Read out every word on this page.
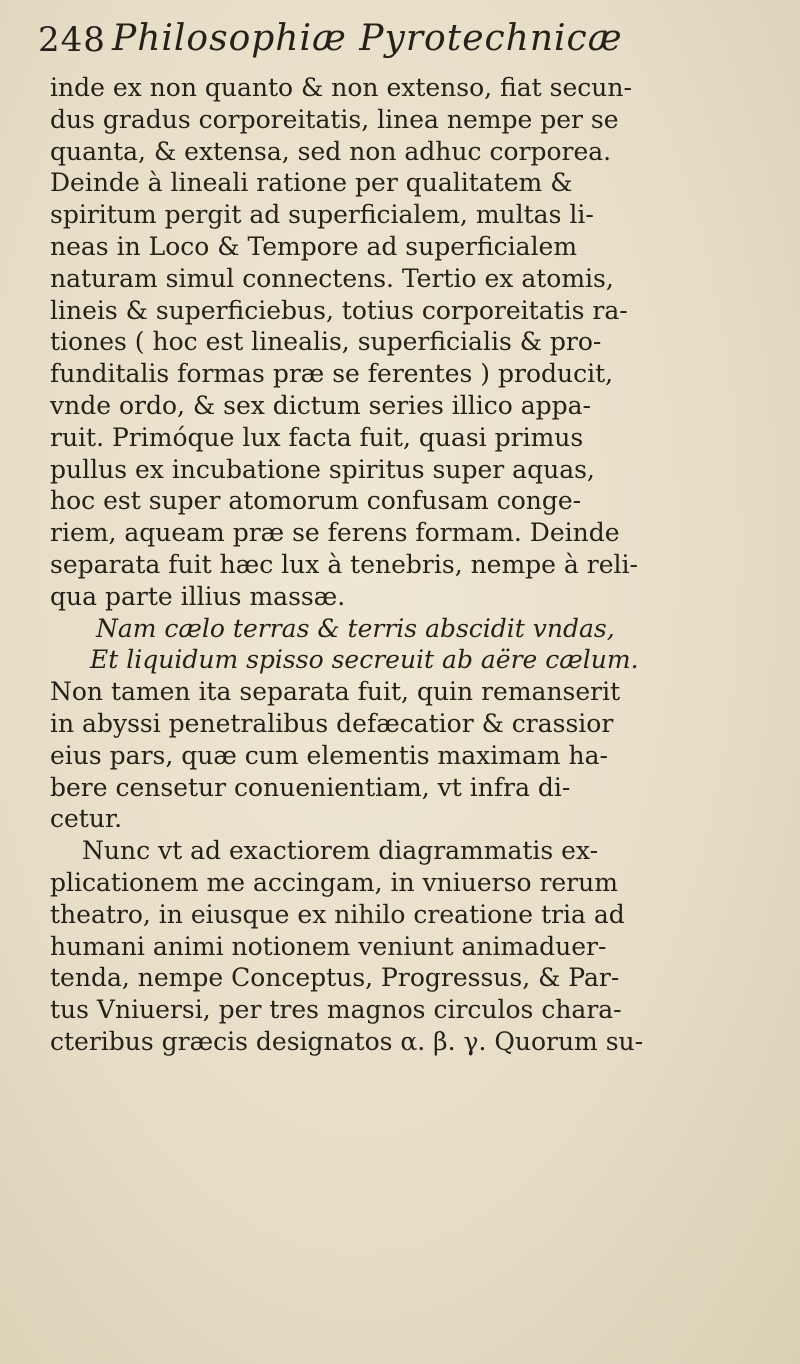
248 Philosophiæ Pyrotechnicæ
inde ex non quanto & non extenso, fiat secun-
dus gradus corporeitatis, linea nempe per se
quanta, & extensa, sed non adhuc corporea.
Deinde à lineali ratione per qualitatem &
spiritum pergit ad superficialem, multas li-
neas in Loco & Tempore ad superficialem
naturam simul connectens. Tertio ex atomis,
lineis & superficiebus, totius corporeitatis ra-
tiones ( hoc est linealis, superficialis & pro-
funditalis formas præ se ferentes ) producit,
vnde ordo, & sex dictum series illico appa-
ruit. Primóque lux facta fuit, quasi primus
pullus ex incubatione spiritus super aquas,
hoc est super atomorum confusam conge-
riem, aqueam præ se ferens formam. Deinde
separata fuit hæc lux à tenebris, nempe à reli-
qua parte illius massæ.
Nam cælo terras & terris abscidit vndas,
Et liquidum spisso secreuit ab aëre cælum.
Non tamen ita separata fuit, quin remanserit
in abyssi penetralibus defæcatior & crassior
eius pars, quæ cum elementis maximam ha-
bere censetur conuenientiam, vt infra di-
cetur.
Nunc vt ad exactiorem diagrammatis ex-
plicationem me accingam, in vniuerso rerum
theatro, in eiusque ex nihilo creatione tria ad
humani animi notionem veniunt animaduer-
tenda, nempe Conceptus, Progressus, & Par-
tus Vniuersi, per tres magnos circulos chara-
cteribus græcis designatos α. β. γ. Quorum su-
